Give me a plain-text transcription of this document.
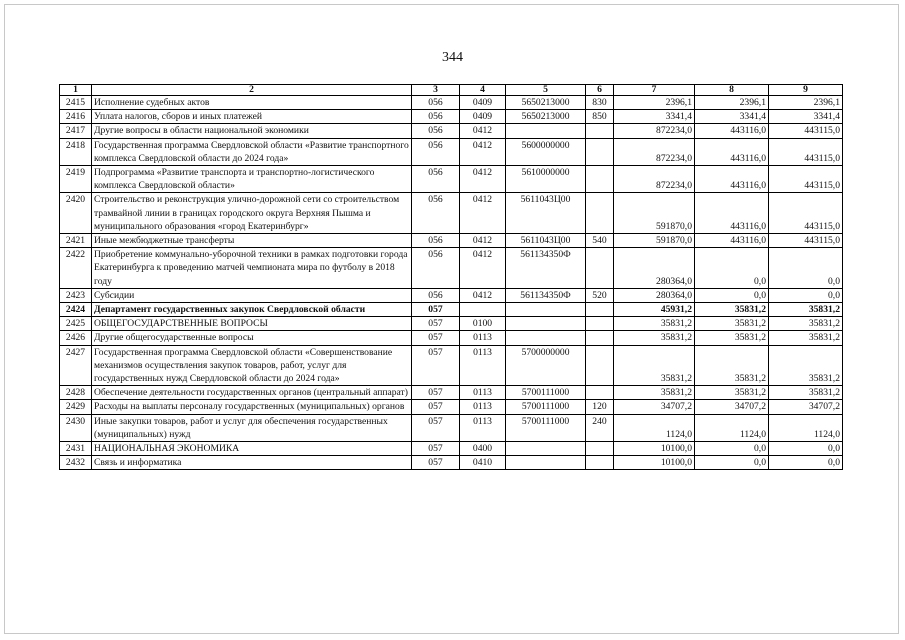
344
1	2	3	4	5	6	7	8	9
2415	Исполнение судебных актов	056	0409	5650213000	830	2396,1	2396,1	2396,1
2416	Уплата налогов, сборов и иных платежей	056	0409	5650213000	850	3341,4	3341,4	3341,4
2417	Другие вопросы в области национальной экономики	056	0412			872234,0	443116,0	443115,0
2418	Государственная программа Свердловской области «Развитие транспортного комплекса Свердловской области до 2024 года»	056	0412	5600000000		872234,0	443116,0	443115,0
2419	Подпрограмма «Развитие транспорта и транспортно-логистического комплекса Свердловской области»	056	0412	5610000000		872234,0	443116,0	443115,0
2420	Строительство и реконструкция улично-дорожной сети со строительством трамвайной линии в границах городского округа Верхняя Пышма и муниципального образования «город Екатеринбург»	056	0412	5611043Ц00		591870,0	443116,0	443115,0
2421	Иные межбюджетные трансферты	056	0412	5611043Ц00	540	591870,0	443116,0	443115,0
2422	Приобретение коммунально-уборочной техники в рамках подготовки города Екатеринбурга к проведению матчей чемпионата мира по футболу в 2018 году	056	0412	561134350Ф		280364,0	0,0	0,0
2423	Субсидии	056	0412	561134350Ф	520	280364,0	0,0	0,0
2424	Департамент государственных закупок Свердловской области	057				45931,2	35831,2	35831,2
2425	ОБЩЕГОСУДАРСТВЕННЫЕ ВОПРОСЫ	057	0100			35831,2	35831,2	35831,2
2426	Другие общегосударственные вопросы	057	0113			35831,2	35831,2	35831,2
2427	Государственная программа Свердловской области «Совершенствование механизмов осуществления закупок товаров, работ, услуг для государственных нужд Свердловской области до 2024 года»	057	0113	5700000000		35831,2	35831,2	35831,2
2428	Обеспечение деятельности государственных органов (центральный аппарат)	057	0113	5700111000		35831,2	35831,2	35831,2
2429	Расходы на выплаты персоналу государственных (муниципальных) органов	057	0113	5700111000	120	34707,2	34707,2	34707,2
2430	Иные закупки товаров, работ и услуг для обеспечения государственных (муниципальных) нужд	057	0113	5700111000	240	1124,0	1124,0	1124,0
2431	НАЦИОНАЛЬНАЯ ЭКОНОМИКА	057	0400			10100,0	0,0	0,0
2432	Связь и информатика	057	0410			10100,0	0,0	0,0
